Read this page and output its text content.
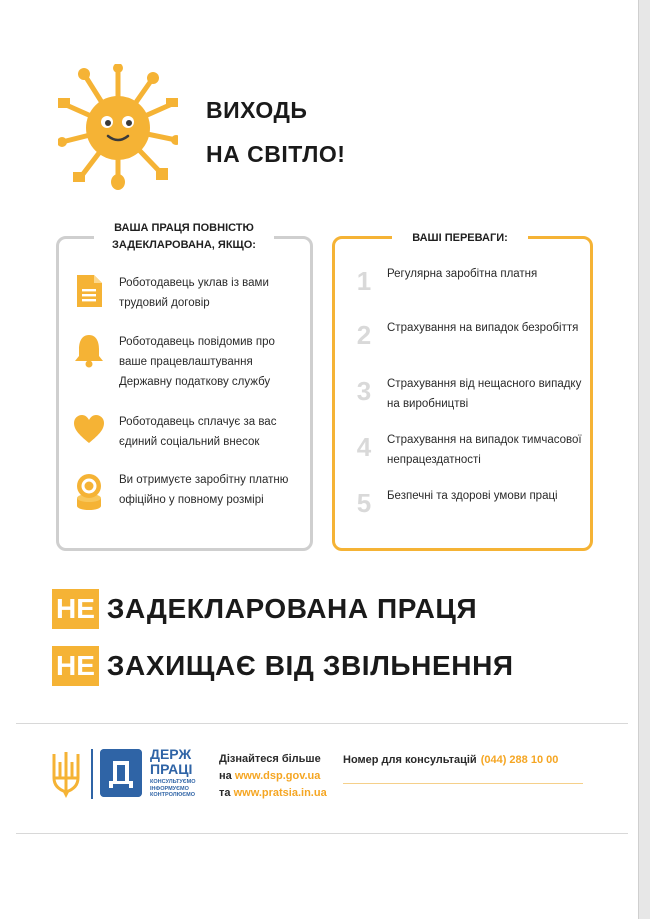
ВИХОДЬ
НА СВІТЛО!
ВАША ПРАЦЯ ПОВНІСТЮ ЗАДЕКЛАРОВАНА, ЯКЩО:
Роботодавець уклав із вами трудовий договір
Роботодавець повідомив про ваше працевлаштування Державну податкову службу
Роботодавець сплачує за вас єдиний соціальний внесок
Ви отримуєте заробітну платню офіційно у повному розмірі
ВАШІ ПЕРЕВАГИ:
1	Регулярна заробітна платня
2	Страхування на випадок безробіття
3	Страхування від нещасного випадку на виробництві
4	Страхування на випадок тимчасової непрацездатності
5	Безпечні та здорові умови праці
НЕ ЗАДЕКЛАРОВАНА ПРАЦЯ
НЕ ЗАХИЩАЄ ВІД ЗВІЛЬНЕННЯ
ДЕРЖ
ПРАЦІ
КОНСУЛЬТУЄМО
ІНФОРМУЄМО
КОНТРОЛЮЄМО
Дізнайтеся більше
на www.dsp.gov.ua
та www.pratsia.in.ua
Номер для консультацій (044) 288 10 00
